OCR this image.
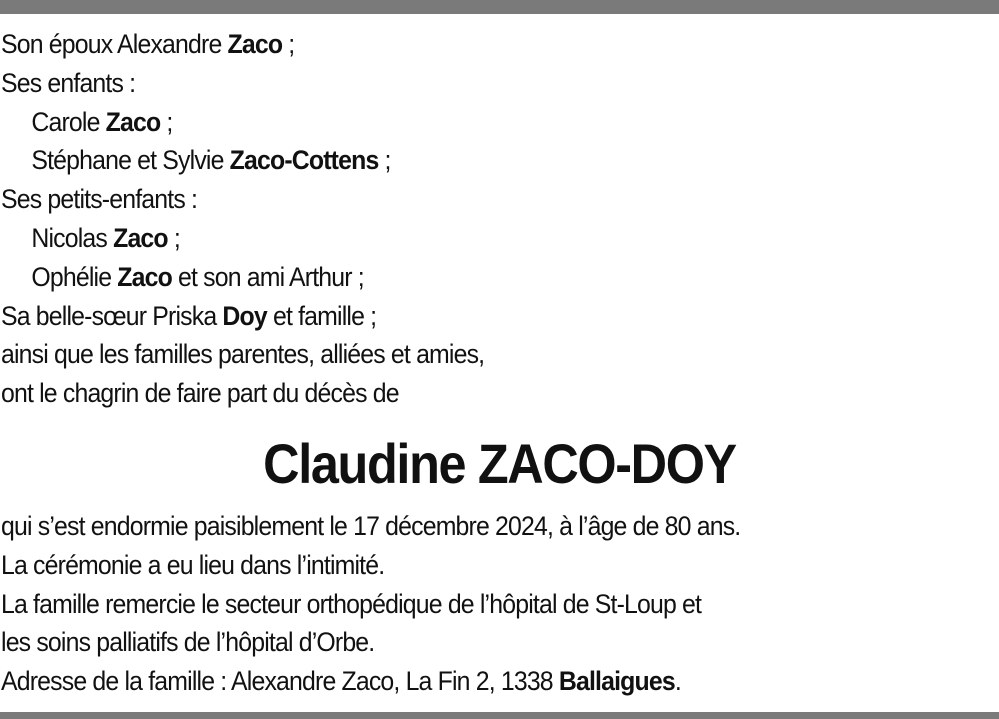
Son époux Alexandre Zaco ;
Ses enfants :
Carole Zaco ;
Stéphane et Sylvie Zaco-Cottens ;
Ses petits-enfants :
Nicolas Zaco ;
Ophélie Zaco et son ami Arthur ;
Sa belle-sœur Priska Doy et famille ;
ainsi que les familles parentes, alliées et amies,
ont le chagrin de faire part du décès de
Claudine ZACO-DOY
qui s’est endormie paisiblement le 17 décembre 2024, à l’âge de 80 ans.
La cérémonie a eu lieu dans l’intimité.
La famille remercie le secteur orthopédique de l’hôpital de St-Loup et
les soins palliatifs de l’hôpital d’Orbe.
Adresse de la famille : Alexandre Zaco, La Fin 2, 1338 Ballaigues.
